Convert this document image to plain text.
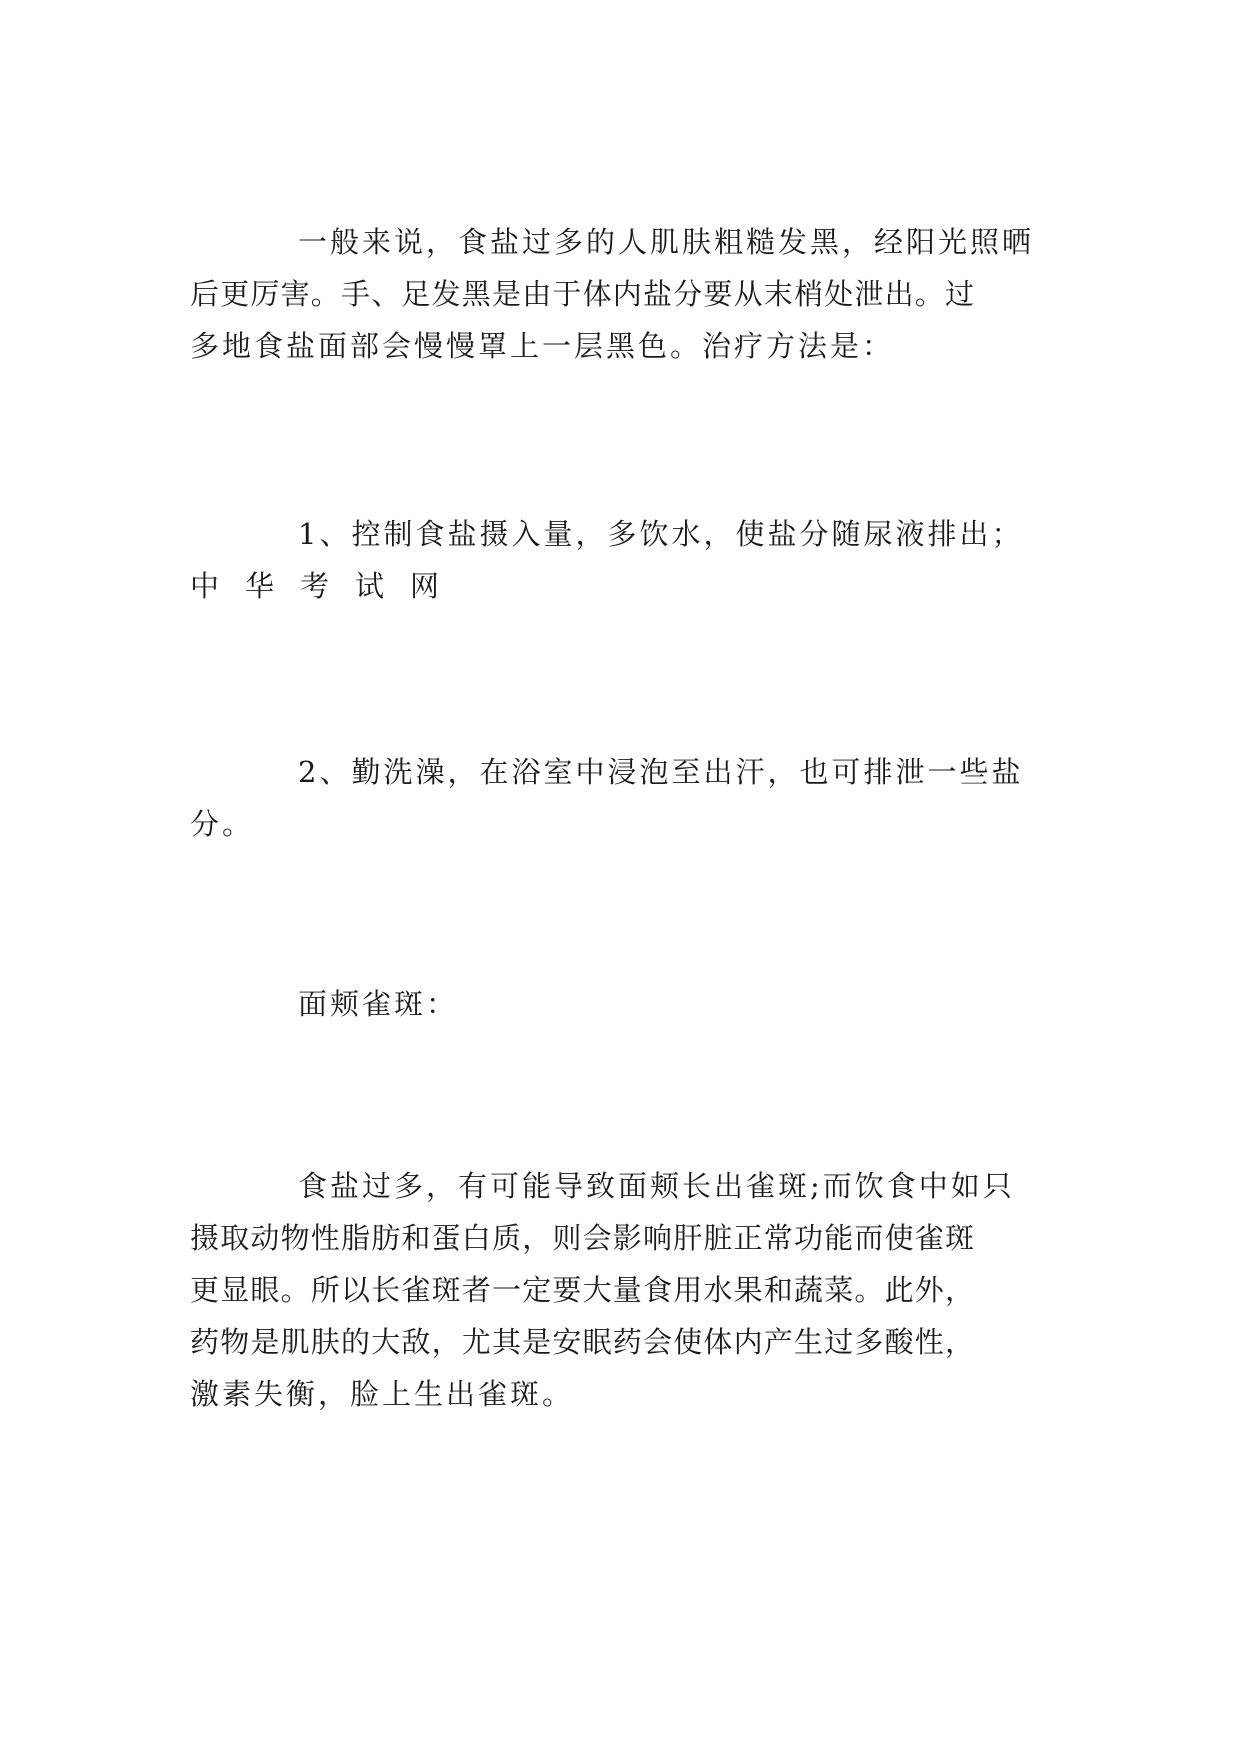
一般来说，食盐过多的人肌肤粗糙发黑，经阳光照晒
后更厉害。手、足发黑是由于体内盐分要从末梢处泄出。过
多地食盐面部会慢慢罩上一层黑色。治疗方法是：
1、控制食盐摄入量，多饮水，使盐分随尿液排出；
中华考试网
2、勤洗澡，在浴室中浸泡至出汗，也可排泄一些盐
分。
面颊雀斑：
食盐过多，有可能导致面颊长出雀斑;而饮食中如只
摄取动物性脂肪和蛋白质，则会影响肝脏正常功能而使雀斑
更显眼。所以长雀斑者一定要大量食用水果和蔬菜。此外，
药物是肌肤的大敌，尤其是安眠药会使体内产生过多酸性，
激素失衡，脸上生出雀斑。
